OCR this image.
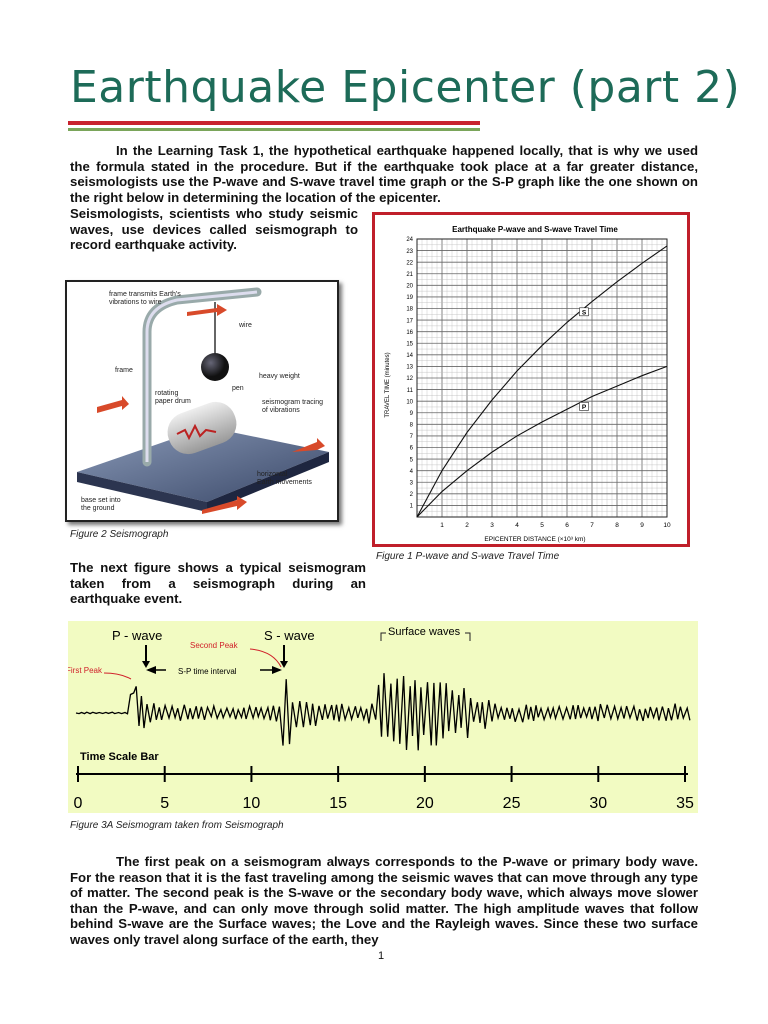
Earthquake Epicenter (part 2)
In the Learning Task 1, the hypothetical earthquake happened locally, that is why we used the formula stated in the procedure. But if the earthquake took place at a far greater distance, seismologists use the P-wave and S-wave travel time graph or the S-P graph like the one shown on the right below in determining the location of the epicenter.
Seismologists, scientists who study seismic waves, use devices called seismograph to record earthquake activity.
frame transmits Earth's
vibrations to wire
wire
frame
heavy weight
pen
rotating
paper drum	seismogram tracing
of vibrations
horizontal
Earth movements
base set into
the ground
Figure 2 Seismograph
Earthquake P-wave and S-wave Travel Time
1	2	3	4	5	6	7	8	9	10
1
2
3
4
5
6
7
8
9
10
11
12
13
14
15
16
17
18
19
20
21
22
23
24
S
P
EPICENTER DISTANCE (×10³ km)
TRAVEL TIME (minutes)
Figure 1 P-wave and S-wave Travel Time
The next figure shows a typical seismogram taken from a seismograph during an earthquake event.
P - wave	S - wave	Surface waves
Second Peak
First Peak	S-P time interval
Time Scale Bar
0	5	10	15	20	25	30	35
Figure 3A Seismogram taken from Seismograph
The first peak on a seismogram always corresponds to the P-wave or primary body wave. For the reason that it is the fast traveling among the seismic waves that can move through any type of matter. The second peak is the S-wave or the secondary body wave, which always move slower than the P-wave, and can only move through solid matter. The high amplitude waves that follow behind S-wave are the Surface waves; the Love and the Rayleigh waves. Since these two surface waves only travel along surface of the earth, they
1
